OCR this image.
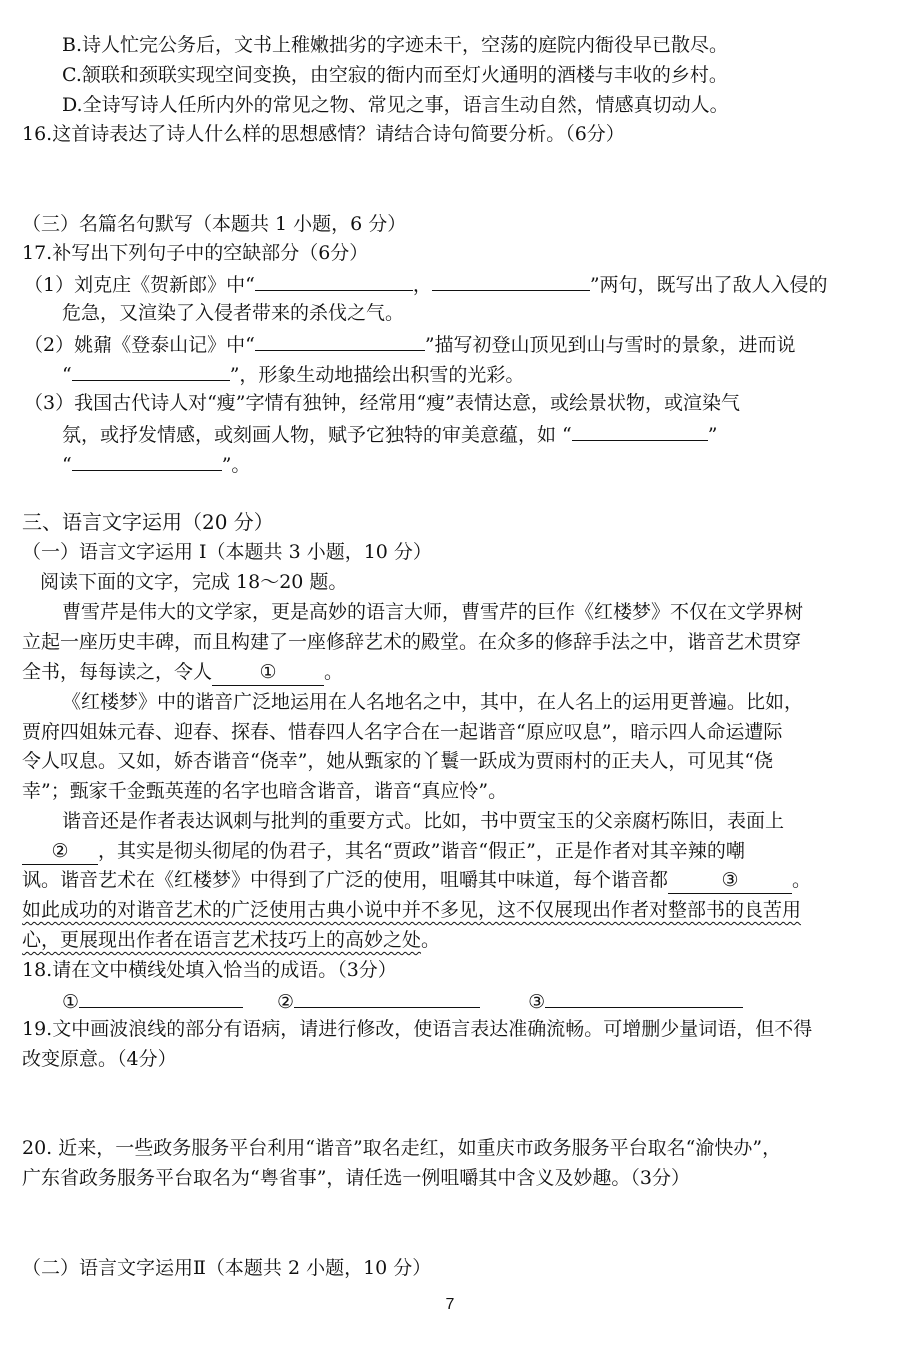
B.诗人忙完公务后，文书上稚嫩拙劣的字迹未干，空荡的庭院内衙役早已散尽。
C.颔联和颈联实现空间变换，由空寂的衙内而至灯火通明的酒楼与丰收的乡村。
D.全诗写诗人任所内外的常见之物、常见之事，语言生动自然，情感真切动人。
16.这首诗表达了诗人什么样的思想感情？请结合诗句简要分析。（6分）
（三）名篇名句默写（本题共 1 小题，6 分）
17.补写出下列句子中的空缺部分（6分）
（1）刘克庄《贺新郎》中“	，	”两句，既写出了敌人入侵的
危急，又渲染了入侵者带来的杀伐之气。
（2）姚鼐《登泰山记》中“	”描写初登山顶见到山与雪时的景象，进而说
“	”，形象生动地描绘出积雪的光彩。
（3）我国古代诗人对“瘦”字情有独钟，经常用“瘦”表情达意，或绘景状物，或渲染气
氛，或抒发情感，或刻画人物，赋予它独特的审美意蕴，如 “	”
“	”。
三、语言文字运用（20 分）
（一）语言文字运用 Ⅰ（本题共 3 小题，10 分）
阅读下面的文字，完成 18～20 题。
曹雪芹是伟大的文学家，更是高妙的语言大师，曹雪芹的巨作《红楼梦》不仅在文学界树
立起一座历史丰碑，而且构建了一座修辞艺术的殿堂。在众多的修辞手法之中，谐音艺术贯穿
全书，每每读之，令人 ① 。
《红楼梦》中的谐音广泛地运用在人名地名之中，其中，在人名上的运用更普遍。比如，
贾府四姐妹元春、迎春、探春、惜春四人名字合在一起谐音“原应叹息”，暗示四人命运遭际
令人叹息。又如，娇杏谐音“侥幸”，她从甄家的丫鬟一跃成为贾雨村的正夫人，可见其“侥
幸”；甄家千金甄英莲的名字也暗含谐音，谐音“真应怜”。
谐音还是作者表达讽刺与批判的重要方式。比如，书中贾宝玉的父亲腐朽陈旧，表面上
② ，其实是彻头彻尾的伪君子，其名“贾政”谐音“假正”，正是作者对其辛辣的嘲
讽。谐音艺术在《红楼梦》中得到了广泛的使用，咀嚼其中味道，每个谐音都	③	。
如此成功的对谐音艺术的广泛使用古典小说中并不多见，这不仅展现出作者对整部书的良苦用
心，更展现出作者在语言艺术技巧上的高妙之处。
18.请在文中横线处填入恰当的成语。（3分）
①	②	③
19.文中画波浪线的部分有语病，请进行修改，使语言表达准确流畅。可增删少量词语，但不得
改变原意。（4分）
20. 近来，一些政务服务平台利用“谐音”取名走红，如重庆市政务服务平台取名“渝快办”，
广东省政务服务平台取名为“粤省事”，请任选一例咀嚼其中含义及妙趣。（3分）
（二）语言文字运用Ⅱ（本题共 2 小题，10 分）
7
